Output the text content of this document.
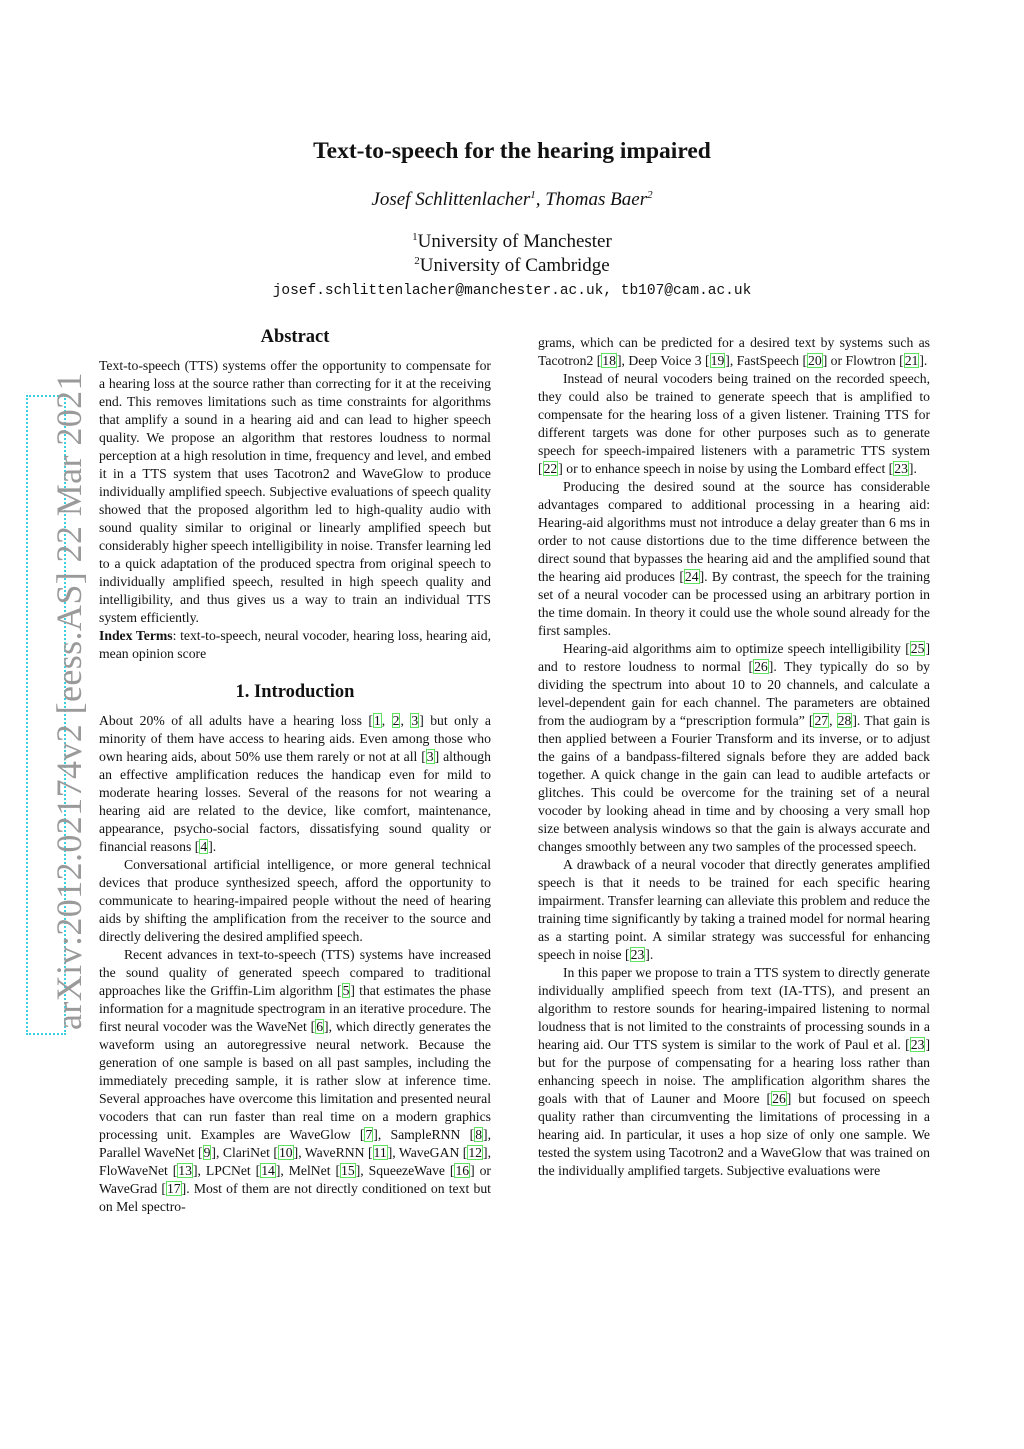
arXiv:2012.02174v2 [eess.AS] 22 Mar 2021
Text-to-speech for the hearing impaired
Josef Schlittenlacher$^1$, Thomas Baer$^2$
$^1$University of Manchester
$^2$University of Cambridge
josef.schlittenlacher@manchester.ac.uk, tb107@cam.ac.uk
Abstract

Text-to-speech (TTS) systems offer the opportunity to compensate for a hearing loss at the source rather than correcting for it at the receiving end. This removes limitations such as time constraints for algorithms that amplify a sound in a hearing aid and can lead to higher speech quality. We propose an algorithm that restores loudness to normal perception at a high resolution in time, frequency and level, and embed it in a TTS system that uses Tacotron2 and WaveGlow to produce individually amplified speech. Subjective evaluations of speech quality showed that the proposed algorithm led to high-quality audio with sound quality similar to original or linearly amplified speech but considerably higher speech intelligibility in noise. Transfer learning led to a quick adaptation of the produced spectra from original speech to individually amplified speech, resulted in high speech quality and intelligibility, and thus gives us a way to train an individual TTS system efficiently.

Index Terms: text-to-speech, neural vocoder, hearing loss, hearing aid, mean opinion score

1. Introduction

About 20% of all adults have a hearing loss [1, 2, 3] but only a minority of them have access to hearing aids. Even among those who own hearing aids, about 50% use them rarely or not at all [3] although an effective amplification reduces the handicap even for mild to moderate hearing losses. Several of the reasons for not wearing a hearing aid are related to the device, like comfort, maintenance, appearance, psycho-social factors, dissatisfying sound quality or financial reasons [4].

Conversational artificial intelligence, or more general technical devices that produce synthesized speech, afford the opportunity to communicate to hearing-impaired people without the need of hearing aids by shifting the amplification from the receiver to the source and directly delivering the desired amplified speech.

Recent advances in text-to-speech (TTS) systems have increased the sound quality of generated speech compared to traditional approaches like the Griffin-Lim algorithm [5] that estimates the phase information for a magnitude spectrogram in an iterative procedure. The first neural vocoder was the WaveNet [6], which directly generates the waveform using an autoregressive neural network. Because the generation of one sample is based on all past samples, including the immediately preceding sample, it is rather slow at inference time. Several approaches have overcome this limitation and presented neural vocoders that can run faster than real time on a modern graphics processing unit. Examples are WaveGlow [7], SampleRNN [8], Parallel WaveNet [9], ClariNet [10], WaveRNN [11], WaveGAN [12], FloWaveNet [13], LPCNet [14], MelNet [15], SqueezeWave [16] or WaveGrad [17]. Most of them are not directly conditioned on text but on Mel spectro-

grams, which can be predicted for a desired text by systems such as Tacotron2 [18], Deep Voice 3 [19], FastSpeech [20] or Flowtron [21].

Instead of neural vocoders being trained on the recorded speech, they could also be trained to generate speech that is amplified to compensate for the hearing loss of a given listener. Training TTS for different targets was done for other purposes such as to generate speech for speech-impaired listeners with a parametric TTS system [22] or to enhance speech in noise by using the Lombard effect [23].

Producing the desired sound at the source has considerable advantages compared to additional processing in a hearing aid: Hearing-aid algorithms must not introduce a delay greater than 6 ms in order to not cause distortions due to the time difference between the direct sound that bypasses the hearing aid and the amplified sound that the hearing aid produces [24]. By contrast, the speech for the training set of a neural vocoder can be processed using an arbitrary portion in the time domain. In theory it could use the whole sound already for the first samples.

Hearing-aid algorithms aim to optimize speech intelligibility [25] and to restore loudness to normal [26]. They typically do so by dividing the spectrum into about 10 to 20 channels, and calculate a level-dependent gain for each channel. The parameters are obtained from the audiogram by a “prescription formula” [27, 28]. That gain is then applied between a Fourier Transform and its inverse, or to adjust the gains of a bandpass-filtered signals before they are added back together. A quick change in the gain can lead to audible artefacts or glitches. This could be overcome for the training set of a neural vocoder by looking ahead in time and by choosing a very small hop size between analysis windows so that the gain is always accurate and changes smoothly between any two samples of the processed speech.

A drawback of a neural vocoder that directly generates amplified speech is that it needs to be trained for each specific hearing impairment. Transfer learning can alleviate this problem and reduce the training time significantly by taking a trained model for normal hearing as a starting point. A similar strategy was successful for enhancing speech in noise [23].

In this paper we propose to train a TTS system to directly generate individually amplified speech from text (IA-TTS), and present an algorithm to restore sounds for hearing-impaired listening to normal loudness that is not limited to the constraints of processing sounds in a hearing aid. Our TTS system is similar to the work of Paul et al. [23] but for the purpose of compensating for a hearing loss rather than enhancing speech in noise. The amplification algorithm shares the goals with that of Launer and Moore [26] but focused on speech quality rather than circumventing the limitations of processing in a hearing aid. In particular, it uses a hop size of only one sample. We tested the system using Tacotron2 and a WaveGlow that was trained on the individually amplified targets. Subjective evaluations were
